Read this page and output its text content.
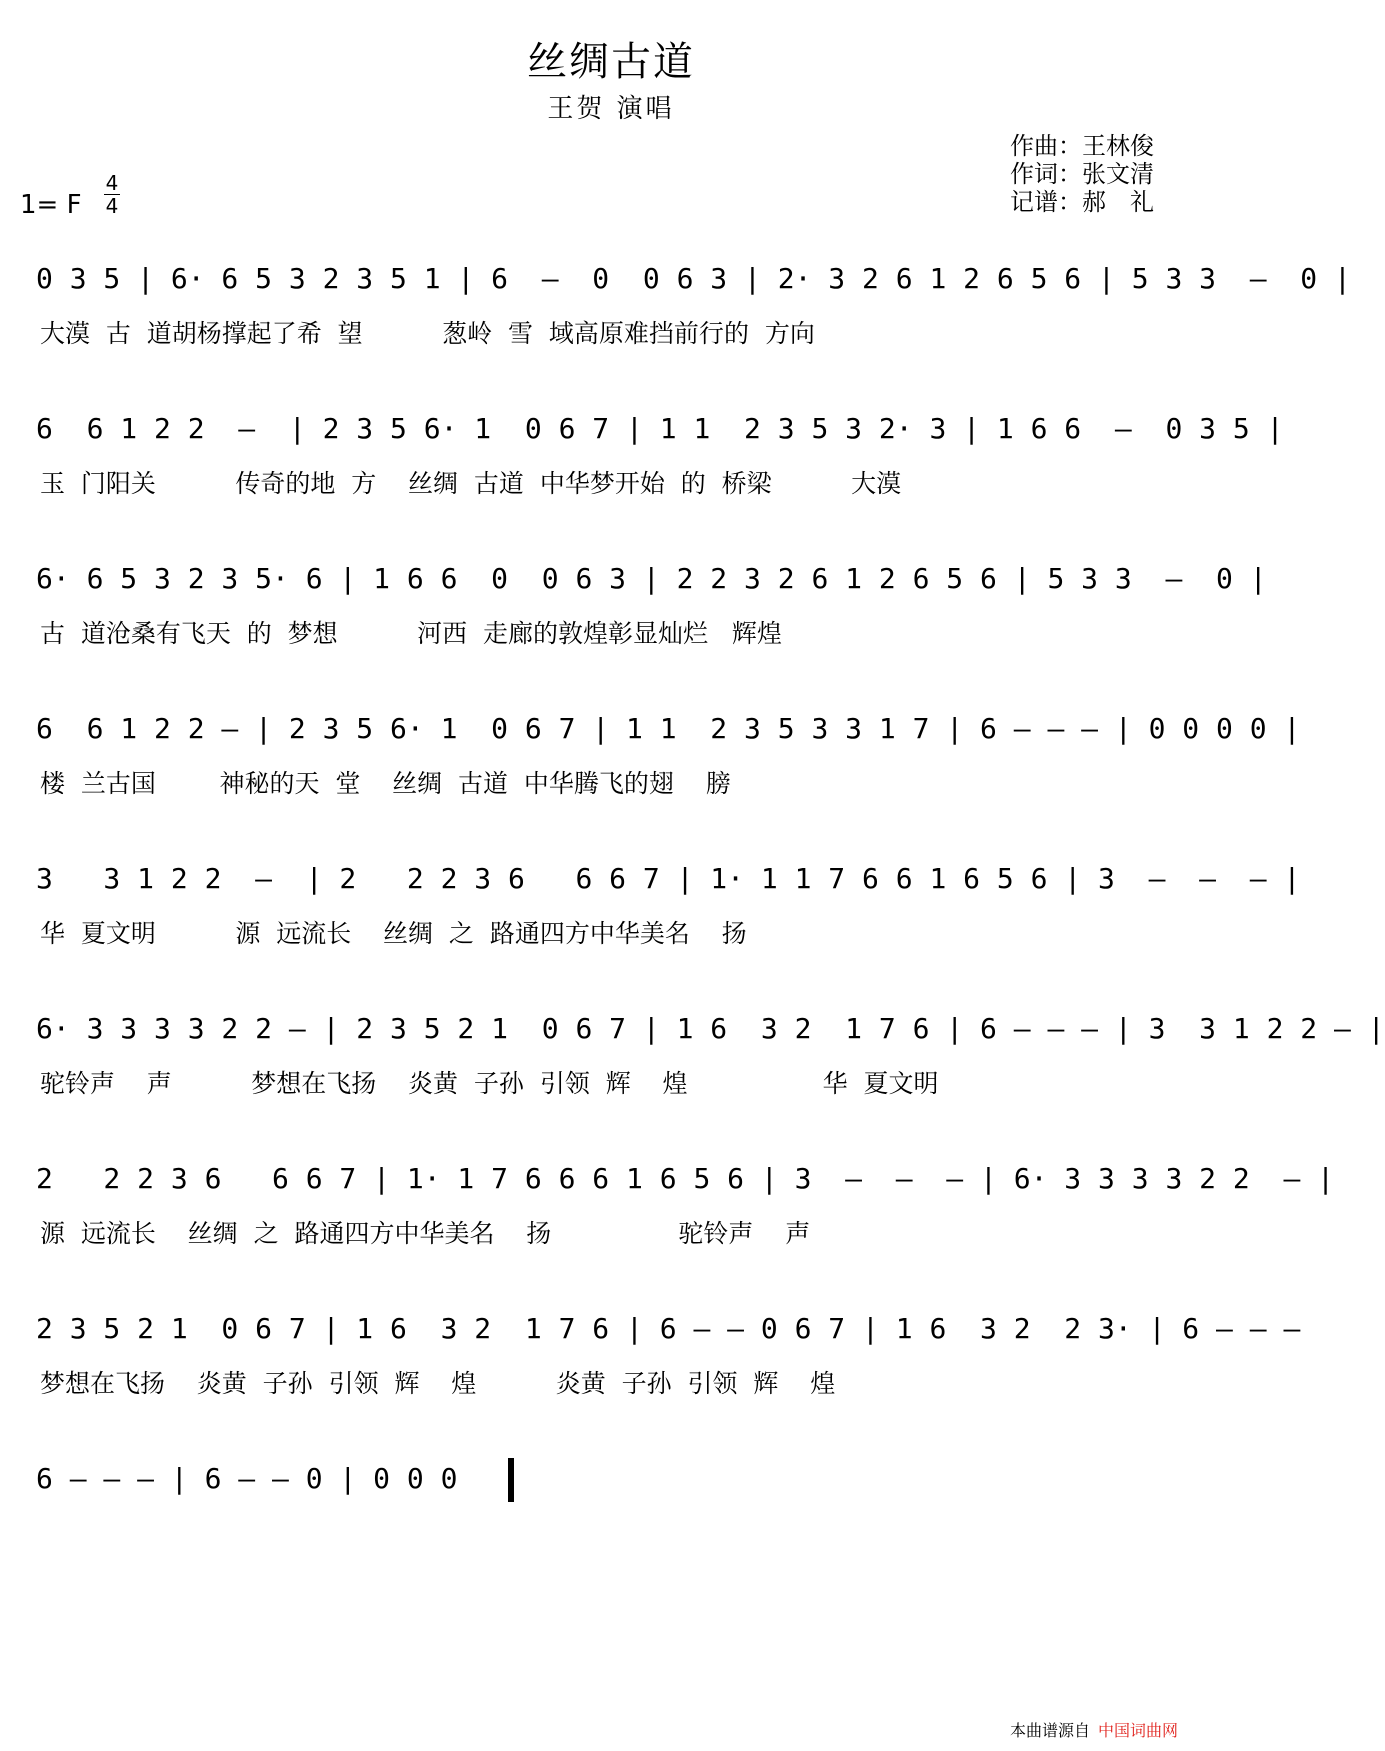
丝绸古道
王贺 演唱
作曲：王林俊
作词：张文清
记谱：郝　礼
1= F
4
4
0 3 5 | 6· 6 5 3 2 3 5 1 | 6  –  0  0 6 3 | 2· 3 2 6 1 2 6 5 6 | 5 3 3  –  0 |
大漠  古  道胡杨撑起了希  望          葱岭  雪  域高原难挡前行的  方向
6  6 1 2 2  –  | 2 3 5 6· 1  0 6 7 | 1 1  2 3 5 3 2· 3 | 1 6 6  –  0 3 5 |
玉  门阳关          传奇的地  方    丝绸  古道  中华梦开始  的  桥梁          大漠
6· 6 5 3 2 3 5· 6 | 1 6 6  0  0 6 3 | 2 2 3 2 6 1 2 6 5 6 | 5 3 3  –  0 |
古  道沧桑有飞天  的  梦想          河西  走廊的敦煌彰显灿烂   辉煌
6  6 1 2 2 – | 2 3 5 6· 1  0 6 7 | 1 1  2 3 5 3 3 1 7 | 6 – – – | 0 0 0 0 |
楼  兰古国        神秘的天  堂    丝绸  古道  中华腾飞的翅    膀
3   3 1 2 2  –  | 2   2 2 3 6   6 6 7 | 1· 1 1 7 6 6 1 6 5 6 | 3  –  –  – |
华  夏文明          源  远流长    丝绸  之  路通四方中华美名    扬
6· 3 3 3 3 2 2 – | 2 3 5 2 1  0 6 7 | 1 6  3 2  1 7 6 | 6 – – – | 3  3 1 2 2 – |
驼铃声    声          梦想在飞扬    炎黄  子孙  引领  辉    煌                 华  夏文明
2   2 2 3 6   6 6 7 | 1· 1 7 6 6 6 1 6 5 6 | 3  –  –  – | 6· 3 3 3 3 2 2  – |
源  远流长    丝绸  之  路通四方中华美名    扬                驼铃声    声
2 3 5 2 1  0 6 7 | 1 6  3 2  1 7 6 | 6 – – 0 6 7 | 1 6  3 2  2 3· | 6 – – –
梦想在飞扬    炎黄  子孙  引领  辉    煌          炎黄  子孙  引领  辉    煌
6 – – – | 6 – – 0 | 0 0 0
本曲谱源自 中国词曲网
